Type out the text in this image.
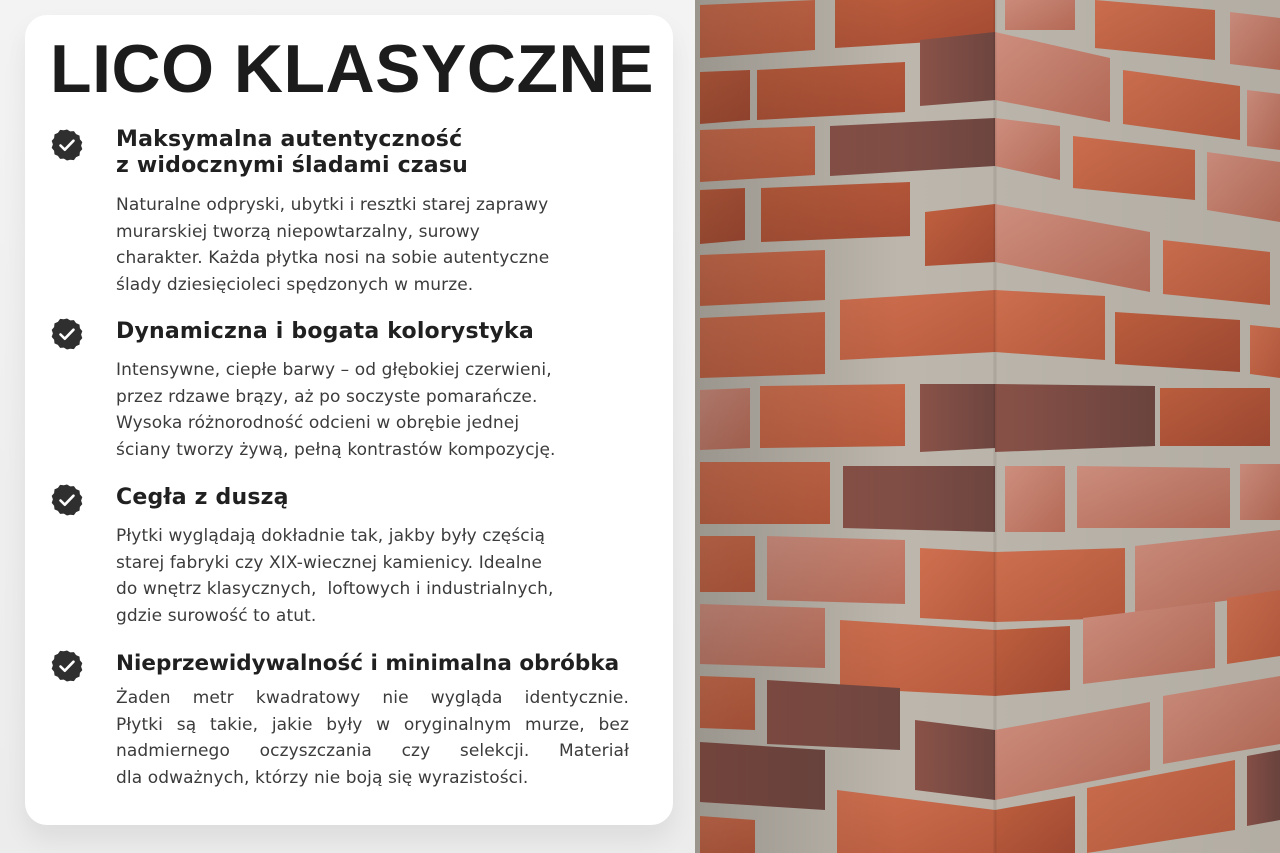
LICO KLASYCZNE
Maksymalna autentyczność
z widocznymi śladami czasu
Naturalne odpryski, ubytki i resztki starej zaprawy
murarskiej tworzą niepowtarzalny, surowy
charakter. Każda płytka nosi na sobie autentyczne
ślady dziesięcioleci spędzonych w murze.
Dynamiczna i bogata kolorystyka
Intensywne, ciepłe barwy – od głębokiej czerwieni,
przez rdzawe brązy, aż po soczyste pomarańcze.
Wysoka różnorodność odcieni w obrębie jednej
ściany tworzy żywą, pełną kontrastów kompozycję.
Cegła z duszą
Płytki wyglądają dokładnie tak, jakby były częścią
starej fabryki czy XIX-wiecznej kamienicy. Idealne
do wnętrz klasycznych,  loftowych i industrialnych,
gdzie surowość to atut.
Nieprzewidywalność i minimalna obróbka
Żaden metr kwadratowy nie wygląda identycznie.
Płytki są takie, jakie były w oryginalnym murze, bez
nadmiernego oczyszczania czy selekcji. Materiał
dla odważnych, którzy nie boją się wyrazistości.
